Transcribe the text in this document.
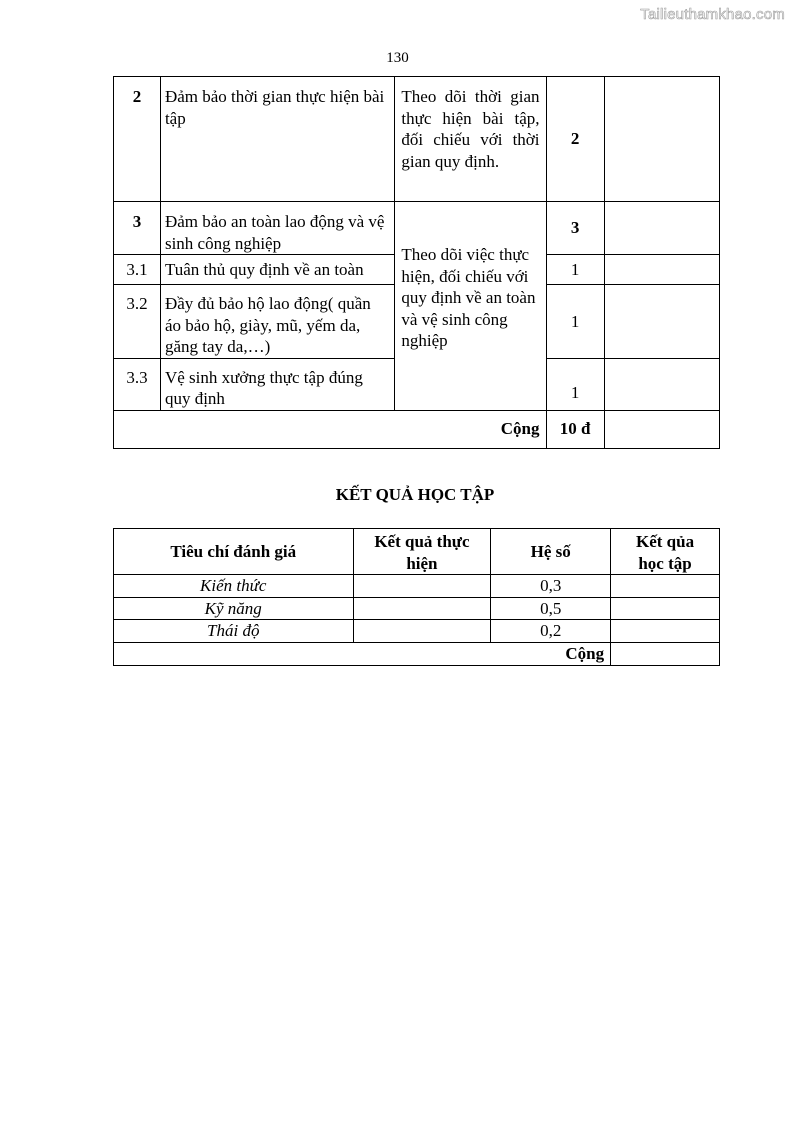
Tailieuthamkhao.com
130
2	Đảm bảo thời gian thực hiện bài tập	Theo dõi thời gian thực hiện bài tập, đối chiếu với thời gian quy định.	2	
3	Đảm bảo an toàn lao động và vệ sinh công nghiệp	Theo dõi việc thực hiện, đối chiếu với quy định về an toàn và vệ sinh công nghiệp	3	
3.1	Tuân thủ quy định về an toàn		1	
3.2	Đầy đủ bảo hộ lao động( quần áo bảo hộ, giày, mũ, yếm da, găng tay da,…)		1	
3.3	Vệ sinh xưởng thực tập đúng quy định		1	
Cộng			10 đ	
KẾT QUẢ HỌC TẬP
Tiêu chí đánh giá	Kết quả thực hiện	Hệ số	Kết qủa học tập
Kiến thức		0,3	
Kỹ năng		0,5	
Thái độ		0,2	
Cộng			
